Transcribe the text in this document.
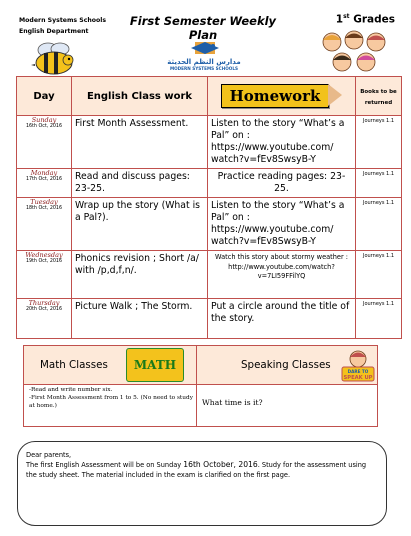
Modern Systems Schools
English Department
First Semester Weekly Plan
1st Grades
مدارس النظم الحديثة
MODERN SYSTEMS SCHOOLS
Day	English Class work	Homework	Books to be returned

Sunday
16th Oct, 2016	First Month Assessment.	Listen to the story “What’s a Pal” on : https://www.youtube.com/ watch?v=fEv8SwsyB-Y	Journeys 1.1

Monday
17th Oct, 2016	Read and discuss pages: 23-25.	Practice reading pages: 23-25.	Journeys 1.1

Tuesday
18th Oct, 2016	Wrap up the story (What is a Pal?).	Listen to the story “What’s a Pal” on : https://www.youtube.com/ watch?v=fEv8SwsyB-Y	Journeys 1.1

Wednesday
19th Oct, 2016	Phonics revision ; Short /a/ with /p,d,f,n/.	Watch this story about stormy weather : http://www.youtube.com/watch?v=7LI59FFilYQ	Journeys 1.1

Thursday
20th Oct, 2016	Picture Walk ; The Storm.	Put a circle around the title of the story.	Journeys 1.1
Math Classes	MATH	Speaking Classes
DARE TO
SPEAK UP
-Read and write number six.
-First Month Assessment from 1 to 5. (No need to study at home.)	What time is it?
Dear parents,
The first English Assessment will be on Sunday 16th October, 2016. Study for the assessment using the study sheet. The material included in the exam is clarified on the first page.
